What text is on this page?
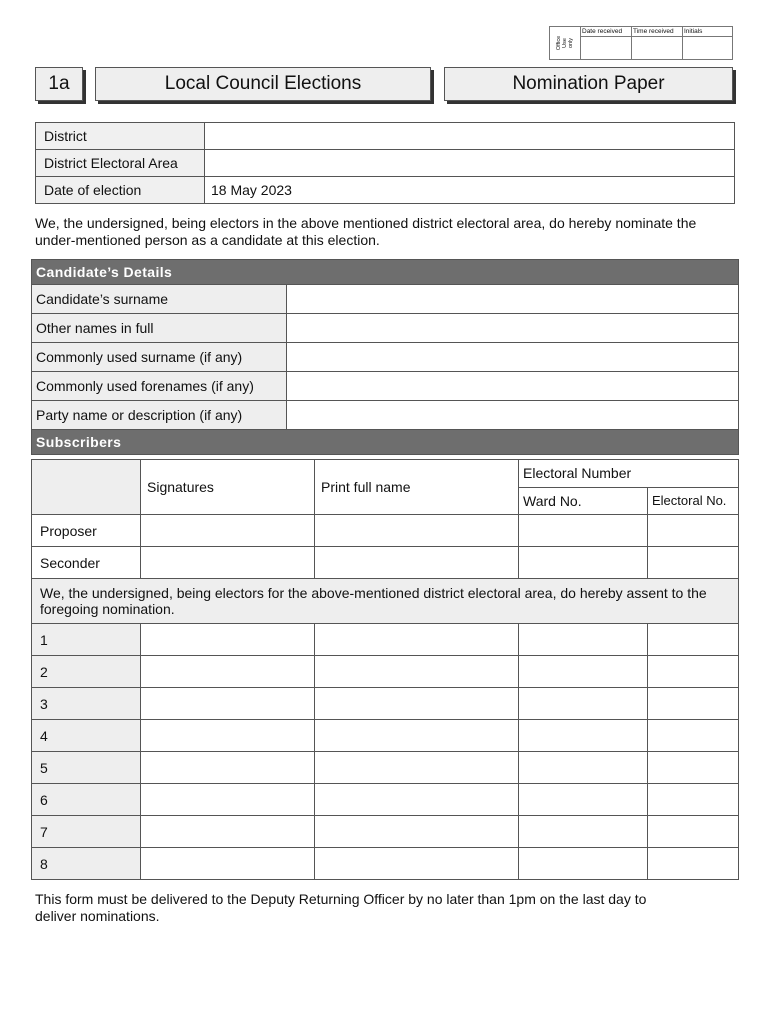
Office
Use
only
Date received	Time received	Initials
1a	Local Council Elections	Nomination Paper
District	
District Electoral Area	
Date of election	18 May 2023
We, the undersigned, being electors in the above mentioned district electoral area, do hereby nominate the under-mentioned person as a candidate at this election.
Candidate’s Details	
Candidate’s surname	
Other names in full	
Commonly used surname (if any)	
Commonly used forenames (if any)	
Party name or description (if any)	
Subscribers	
	Signatures	Print full name	Electoral Number	
			Ward No.	Electoral No.
Proposer				
Seconder				
We, the undersigned, being electors for the above-mentioned district electoral area, do hereby assent to the foregoing nomination.				
1				
2				
3				
4				
5				
6				
7				
8				
This form must be delivered to the Deputy Returning Officer by no later than 1pm on the last day to deliver nominations.
